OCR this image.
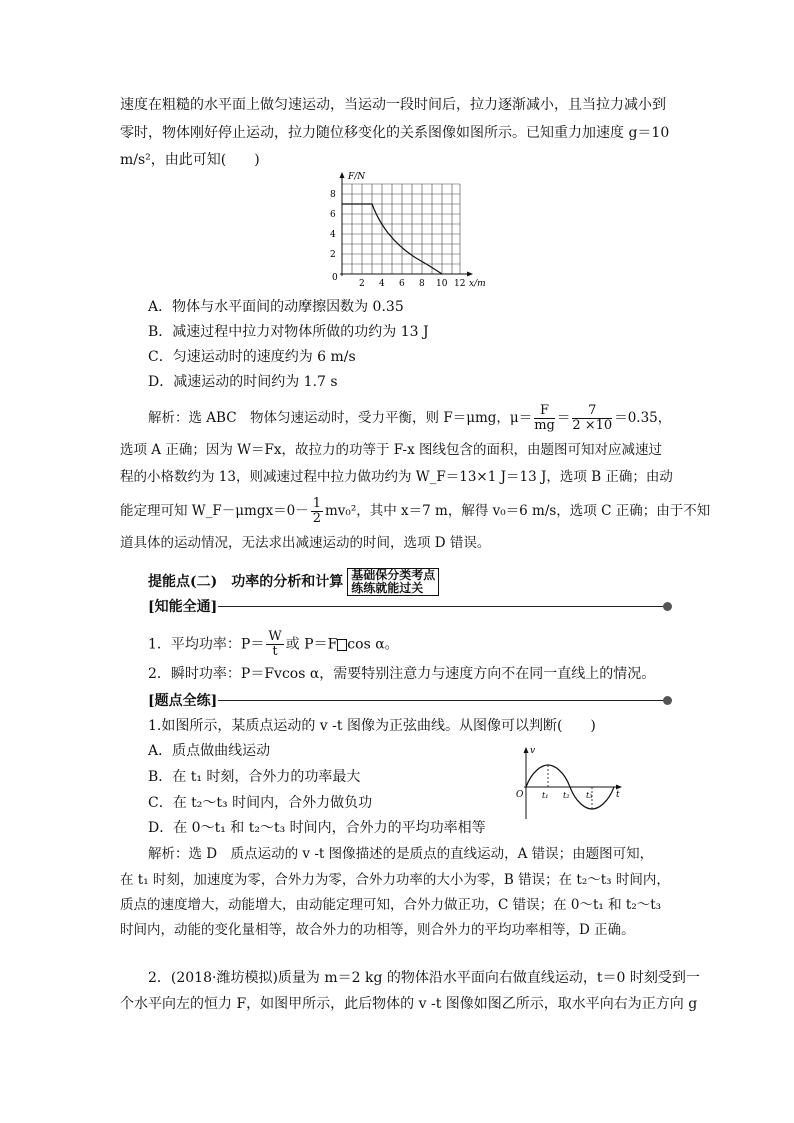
速度在粗糙的水平面上做匀速运动，当运动一段时间后，拉力逐渐减小，且当拉力减小到
零时，物体刚好停止运动，拉力随位移变化的关系图像如图所示。已知重力加速度 g＝10
m/s²，由此可知(　　)
F/N
8
6
4
2
0
2 4 6 8 10 12 x/m
A．物体与水平面间的动摩擦因数为 0.35
B．减速过程中拉力对物体所做的功约为 13 J
C．匀速运动时的速度约为 6 m/s
D．减速运动的时间约为 1.7 s
解析：选 ABC　物体匀速运动时，受力平衡，则 F＝μmg，$\mu= \frac{F}{mg} = \frac{7}{2 \times 10} =0.35$，
选项 A 正确；因为 W＝Fx，故拉力的功等于 F-x 图线包含的面积，由题图可知对应减速过
程的小格数约为 13，则减速过程中拉力做功约为 W_F＝13×1 J＝13 J，选项 B 正确；由动
能定理可知 W_F－μmgx＝0－ $\frac{1}{2} mv_0^2$，其中 x＝7 m，解得 v₀＝6 m/s，选项 C 正确；由于不知
道具体的运动情况，无法求出减速运动的时间，选项 D 错误。
提能点(二)　功率的分析和计算 基础保分类考点
练练就能过关
[知能全通]
1．平均功率：$P= \frac{W}{t}$ 或 P＝F cos α。
2．瞬时功率：P＝Fvcos α，需要特别注意力与速度方向不在同一直线上的情况。
[题点全练]
1.如图所示，某质点运动的 v -t 图像为正弦曲线。从图像可以判断(　　)
A．质点做曲线运动
B．在 t₁ 时刻，合外力的功率最大
C．在 t₂～t₃ 时间内，合外力做负功
D．在 0～t₁ 和 t₂～t₃ 时间内，合外力的平均功率相等
v
t
O t₁ t₂ t₃
解析：选 D　质点运动的 v -t 图像描述的是质点的直线运动，A 错误；由题图可知，
在 t₁ 时刻，加速度为零，合外力为零，合外力功率的大小为零，B 错误；在 t₂～t₃ 时间内，
质点的速度增大，动能增大，由动能定理可知，合外力做正功，C 错误；在 0～t₁ 和 t₂～t₃
时间内，动能的变化量相等，故合外力的功相等，则合外力的平均功率相等，D 正确。
2．(2018·潍坊模拟)质量为 m＝2 kg 的物体沿水平面向右做直线运动，t＝0 时刻受到一
个水平向左的恒力 F，如图甲所示，此后物体的 v -t 图像如图乙所示，取水平向右为正方向 g
